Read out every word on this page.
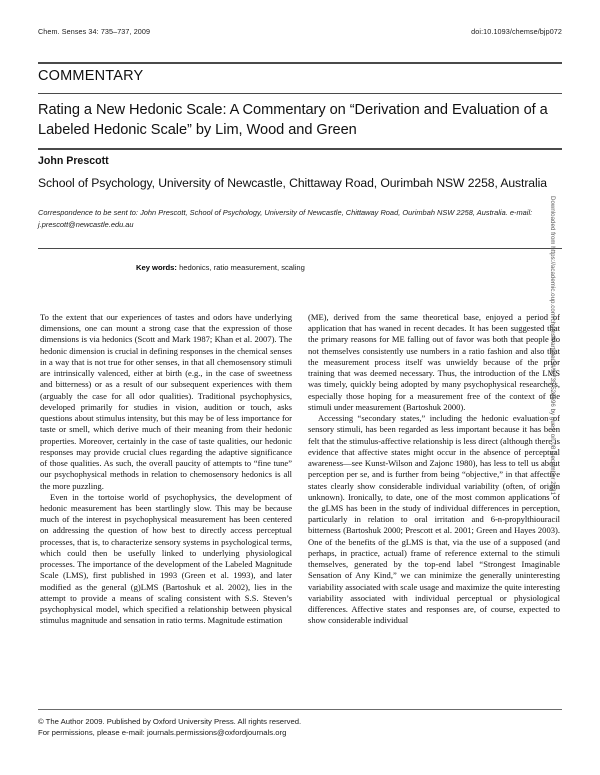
Chem. Senses 34: 735–737, 2009	doi:10.1093/chemse/bjp072
COMMENTARY
Rating a New Hedonic Scale: A Commentary on “Derivation and Evaluation of a Labeled Hedonic Scale” by Lim, Wood and Green
John Prescott
School of Psychology, University of Newcastle, Chittaway Road, Ourimbah NSW 2258, Australia
Correspondence to be sent to: John Prescott, School of Psychology, University of Newcastle, Chittaway Road, Ourimbah NSW 2258, Australia. e-mail: j.prescott@newcastle.edu.au
Key words: hedonics, ratio measurement, scaling

To the extent that our experiences of tastes and odors have underlying dimensions, one can mount a strong case that the expression of those dimensions is via hedonics (Scott and Mark 1987; Khan et al. 2007). The hedonic dimension is crucial in defining responses in the chemical senses in a way that is not true for other senses, in that all chemosensory stimuli are intrinsically valenced, either at birth (e.g., in the case of sweetness and bitterness) or as a result of our subsequent experiences with them (arguably the case for all odor qualities). Traditional psychophysics, developed primarily for studies in vision, audition or touch, asks questions about stimulus intensity, but this may be of less importance for taste or smell, which derive much of their meaning from their hedonic properties. Moreover, certainly in the case of taste qualities, our hedonic responses may provide crucial clues regarding the adaptive significance of those qualities. As such, the overall paucity of attempts to “fine tune” our psychophysical methods in relation to chemosensory hedonics is all the more puzzling.

Even in the tortoise world of psychophysics, the development of hedonic measurement has been startlingly slow. This may be because much of the interest in psychophysical measurement has been centered on addressing the question of how best to directly access perceptual processes, that is, to characterize sensory systems in psychological terms, which could then be usefully linked to underlying physiological processes. The importance of the development of the Labeled Magnitude Scale (LMS), first published in 1993 (Green et al. 1993), and later modified as the general (g)LMS (Bartoshuk et al. 2002), lies in the attempt to provide a means of scaling consistent with S.S. Steven’s psychophysical model, which specified a relationship between physical stimulus magnitude and sensation in ratio terms. Magnitude estimation

(ME), derived from the same theoretical base, enjoyed a period of application that has waned in recent decades. It has been suggested that the primary reasons for ME falling out of favor was both that people do not themselves consistently use numbers in a ratio fashion and also that the measurement process itself was unwieldy because of the prior training that was deemed necessary. Thus, the introduction of the LMS was timely, quickly being adopted by many psychophysical researchers, especially those hoping for a measurement free of the context of the stimuli under measurement (Bartoshuk 2000).

Accessing “secondary states,” including the hedonic evaluation of sensory stimuli, has been regarded as less important because it has been felt that the stimulus-affective relationship is less direct (although there is evidence that affective states might occur in the absence of perceptual awareness—see Kunst-Wilson and Zajonc 1980), has less to tell us about perception per se, and is further from being “objective,” in that affective states clearly show considerable individual variability (often, of origin unknown). Ironically, to date, one of the most common applications of the gLMS has been in the study of individual differences in perception, particularly in relation to oral irritation and 6-n-propylthiouracil bitterness (Bartoshuk 2000; Prescott et al. 2001; Green and Hayes 2003). One of the benefits of the gLMS is that, via the use of a supposed (and perhaps, in practice, actual) frame of reference external to the stimuli themselves, generated by the top-end label “Strongest Imaginable Sensation of Any Kind,” we can minimize the generally uninteresting variability associated with scale usage and maximize the quite interesting variability associated with individual perceptual or physiological differences. Affective states and responses are, of course, expected to show considerable individual

© The Author 2009. Published by Oxford University Press. All rights reserved.
For permissions, please e-mail: journals.permissions@oxfordjournals.org
Downloaded from https://academic.oup.com/chemse/article/34/9/735/528696 by guest on 08 December 2021
